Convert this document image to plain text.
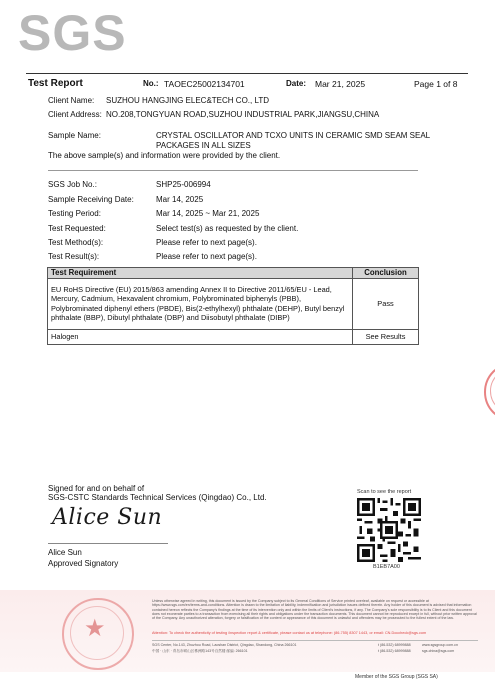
SGS
Test Report	No.: TAOEC25002134701	Date: Mar 21, 2025	Page 1 of 8
Client Name: SUZHOU HANGJING ELEC&TECH CO., LTD
Client Address: NO.208,TONGYUAN ROAD,SUZHOU INDUSTRIAL PARK,JIANGSU,CHINA
Sample Name:	CRYSTAL OSCILLATOR AND TCXO UNITS IN CERAMIC SMD SEAM SEAL
PACKAGES IN ALL SIZES
The above sample(s) and information were provided by the client.
SGS Job No.:	SHP25-006994
Sample Receiving Date:	Mar 14, 2025
Testing Period:	Mar 14, 2025 ~ Mar 21, 2025
Test Requested:	Select test(s) as requested by the client.
Test Method(s):	Please refer to next page(s).
Test Result(s):	Please refer to next page(s).
Test Requirement	Conclusion
EU RoHS Directive (EU) 2015/863 amending Annex II to Directive 2011/65/EU - Lead, Mercury, Cadmium, Hexavalent chromium, Polybrominated biphenyls (PBB), Polybrominated diphenyl ethers (PBDE), Bis(2-ethylhexyl) phthalate (DEHP), Butyl benzyl phthalate (BBP), Dibutyl phthalate (DBP) and Diisobutyl phthalate (DIBP)	Pass
Halogen	See Results
Signed for and on behalf of
SGS-CSTC Standards Technical Services (Qingdao) Co., Ltd.
Alice Sun
Alice Sun
Approved Signatory
Scan to see the report
B1EB7A00
★
Unless otherwise agreed in writing, this document is issued by the Company subject to its General Conditions of Service printed overleaf, available on request or accessible at https://www.sgs.com/en/terms-and-conditions. Attention is drawn to the limitation of liability, indemnification and jurisdiction issues defined therein. Any holder of this document is advised that information contained hereon reflects the Company's findings at the time of its intervention only and within the limits of Client's instructions, if any. The Company's sole responsibility is to its Client and this document does not exonerate parties to a transaction from exercising all their rights and obligations under the transaction documents. This document cannot be reproduced except in full, without prior written approval of the Company. Any unauthorized alteration, forgery or falsification of the content or appearance of this document is unlawful and offenders may be prosecuted to the fullest extent of the law.
Attention: To check the authenticity of testing /inspection report & certificate, please contact us at telephone: (86-755) 8307 1443, or email: CN.Doccheck@sgs.com
SGS Center, No.143, Zhuzhou Road, Laoshan District, Qingdao, Shandong, China 266101
中国 · 山东 · 青岛市崂山区株洲路143号自然楼 邮编: 266101
t (86-532) 68999888
t (86-532) 68999888
www.sgsgroup.com.cn
sgs.china@sgs.com
Member of the SGS Group (SGS SA)
